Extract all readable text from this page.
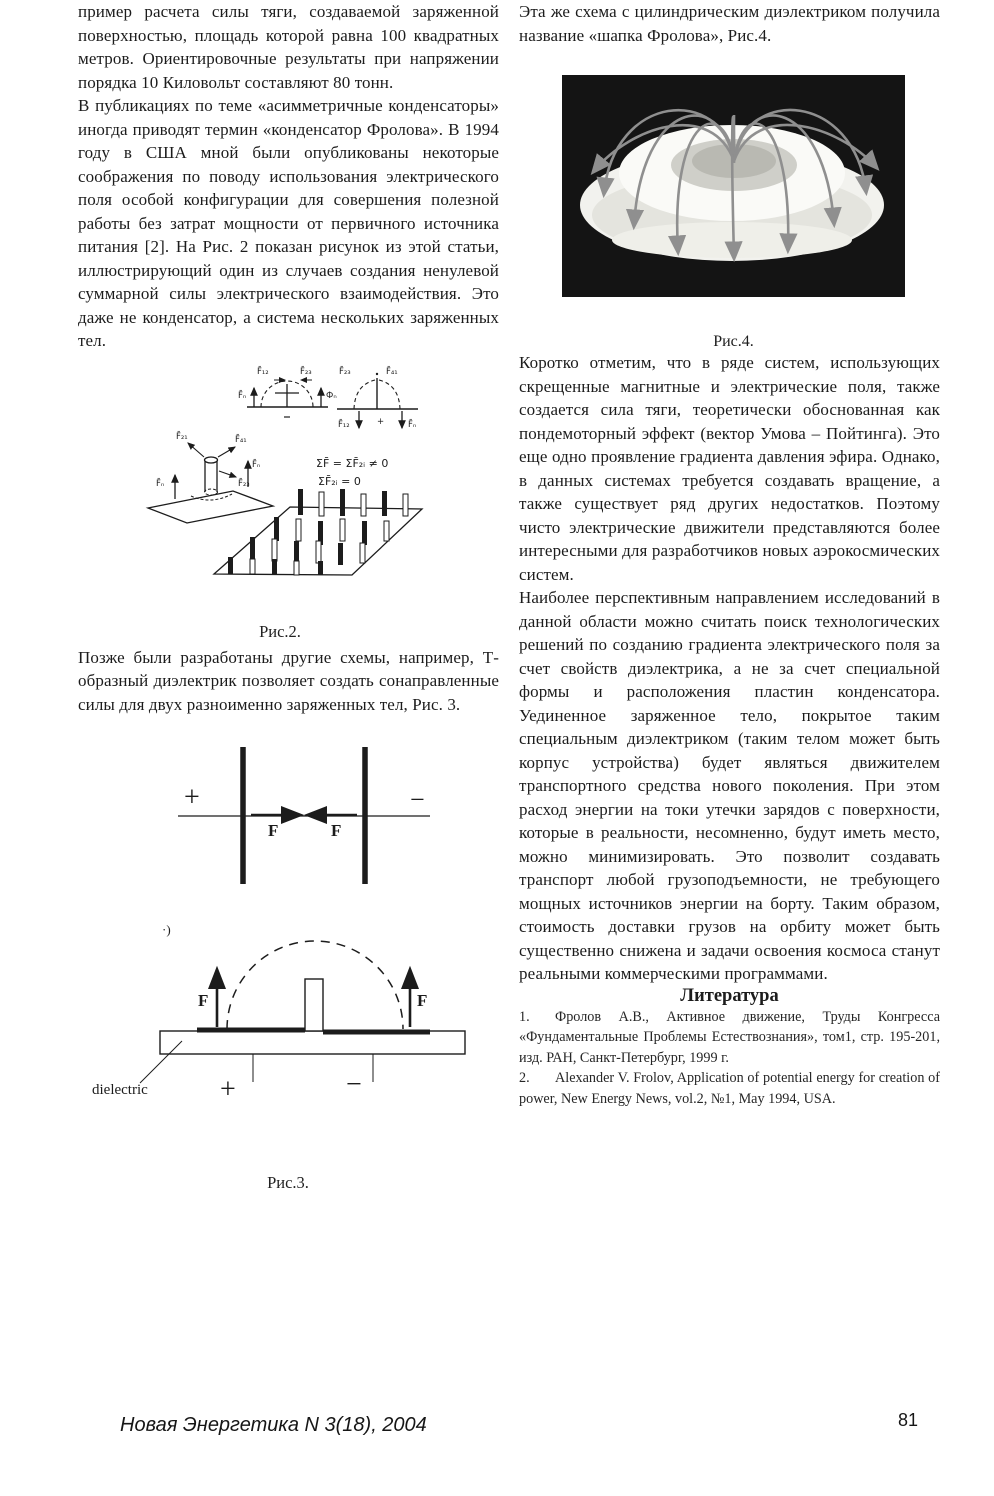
пример расчета силы тяги, создаваемой заряженной поверхностью, площадь которой равна 100 квадратных метров. Ориентировочные результаты при напряжении порядка 10 Киловольт составляют 80 тонн.

В публикациях по теме «асимметричные конденсаторы» иногда приводят термин «конденсатор Фролова». В 1994 году в США мной были опубликованы некоторые соображения по поводу использования электрического поля особой конфигурации для совершения полезной работы без затрат мощности от первичного источника питания [2]. На Рис. 2 показан рисунок из этой статьи, иллюстрирующий один из случаев создания ненулевой суммарной силы электрического взаимодействия. Это даже не конденсатор, а система нескольких заряженных тел.

F̄₁₂	F̄₂₃
F̄ₙ	Фₙ
F̄₂₃	F̄₄₁
F̄₁₂	F̄ₙ
+
F̄₂₁	F̄₄₁
F̄₂₃
F̄ₙ
F̄ₙ	ΣF̄ = ΣF̄₂ᵢ ≠ 0
ΣF̄₂ᵢ = 0
Рис.2.

Позже были разработаны другие схемы, например, Т-образный диэлектрик позволяет создать сонаправленные силы для двух разноименно заряженных тел, Рис. 3.

+	−
F	F
·)
F	F
+	−
dielectric
Рис.3.

Эта же схема с цилиндрическим диэлектриком получила название «шапка Фролова», Рис.4.

Рис.4.

Коротко отметим, что в ряде систем, использующих скрещенные магнитные и электрические поля, также создается сила тяги, теоретически обоснованная как пондемоторный эффект (вектор Умова – Пойтинга). Это еще одно проявление градиента давления эфира. Однако, в данных системах требуется создавать вращение, а также существует ряд других недостатков. Поэтому чисто электрические движители представляются более интересными для разработчиков новых аэрокосмических систем.

Наиболее перспективным направлением исследований в данной области можно считать поиск технологических решений по созданию градиента электрического поля за счет свойств диэлектрика, а не за счет специальной формы и расположения пластин конденсатора. Уединенное заряженное тело, покрытое таким специальным диэлектриком (таким телом может быть корпус устройства) будет являться движителем транспортного средства нового поколения. При этом расход энергии на токи утечки зарядов с поверхности, которые в реальности, несомненно, будут иметь место, можно минимизировать. Это позволит создавать транспорт любой грузоподъемности, не требующего мощных источников энергии на борту. Таким образом, стоимость доставки грузов на орбиту может быть существенно снижена и задачи освоения космоса станут реальными коммерческими программами.

Литература

1. Фролов А.В., Активное движение, Труды Конгресса «Фундаментальные Проблемы Естествознания», том1, стр. 195-201, изд. РАН, Санкт-Петербург, 1999 г.

2. Alexander V. Frolov, Application of potential energy for creation of power, New Energy News, vol.2, №1, May 1994, USA.

Новая Энергетика N 3(18), 2004	81
